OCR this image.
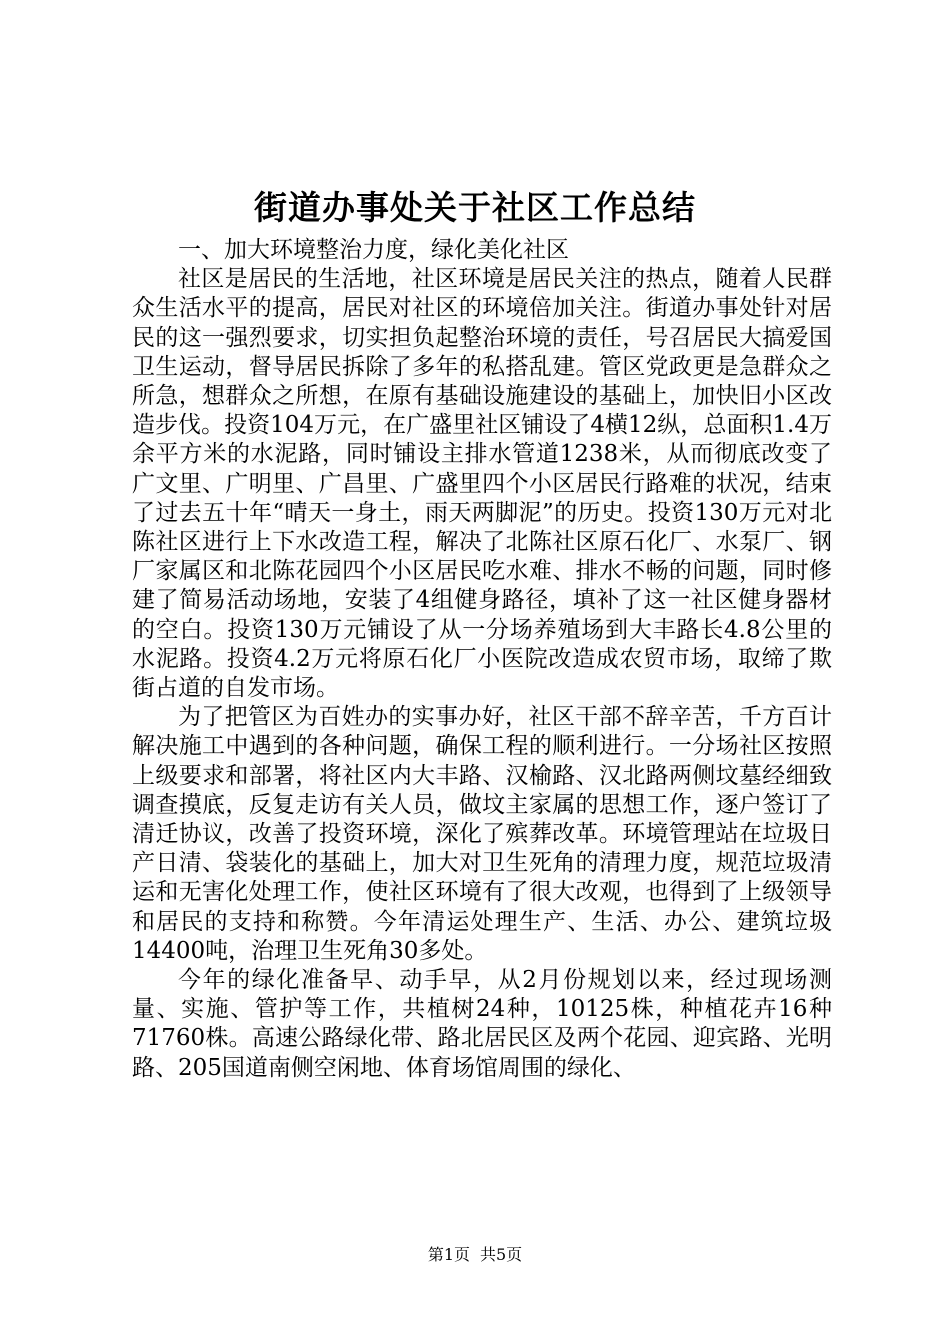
街道办事处关于社区工作总结

一、加大环境整治力度，绿化美化社区

社区是居民的生活地，社区环境是居民关注的热点，随着人民群众生活水平的提高，居民对社区的环境倍加关注。街道办事处针对居民的这一强烈要求，切实担负起整治环境的责任，号召居民大搞爱国卫生运动，督导居民拆除了多年的私搭乱建。管区党政更是急群众之所急，想群众之所想，在原有基础设施建设的基础上，加快旧小区改造步伐。投资104万元，在广盛里社区铺设了4横12纵，总面积1.4万余平方米的水泥路，同时铺设主排水管道1238米，从而彻底改变了广文里、广明里、广昌里、广盛里四个小区居民行路难的状况，结束了过去五十年“晴天一身土，雨天两脚泥”的历史。投资130万元对北陈社区进行上下水改造工程，解决了北陈社区原石化厂、水泵厂、钢厂家属区和北陈花园四个小区居民吃水难、排水不畅的问题，同时修建了简易活动场地，安装了4组健身路径，填补了这一社区健身器材的空白。投资130万元铺设了从一分场养殖场到大丰路长4.8公里的水泥路。投资4.2万元将原石化厂小医院改造成农贸市场，取缔了欺街占道的自发市场。

为了把管区为百姓办的实事办好，社区干部不辞辛苦，千方百计解决施工中遇到的各种问题，确保工程的顺利进行。一分场社区按照上级要求和部署，将社区内大丰路、汉榆路、汉北路两侧坟墓经细致调查摸底，反复走访有关人员，做坟主家属的思想工作，逐户签订了清迁协议，改善了投资环境，深化了殡葬改革。环境管理站在垃圾日产日清、袋装化的基础上，加大对卫生死角的清理力度，规范垃圾清运和无害化处理工作，使社区环境有了很大改观，也得到了上级领导和居民的支持和称赞。今年清运处理生产、生活、办公、建筑垃圾14400吨，治理卫生死角30多处。

今年的绿化准备早、动手早，从2月份规划以来，经过现场测量、实施、管护等工作，共植树24种，10125株，种植花卉16种71760株。高速公路绿化带、路北居民区及两个花园、迎宾路、光明路、205国道南侧空闲地、体育场馆周围的绿化、

第1页 共5页
